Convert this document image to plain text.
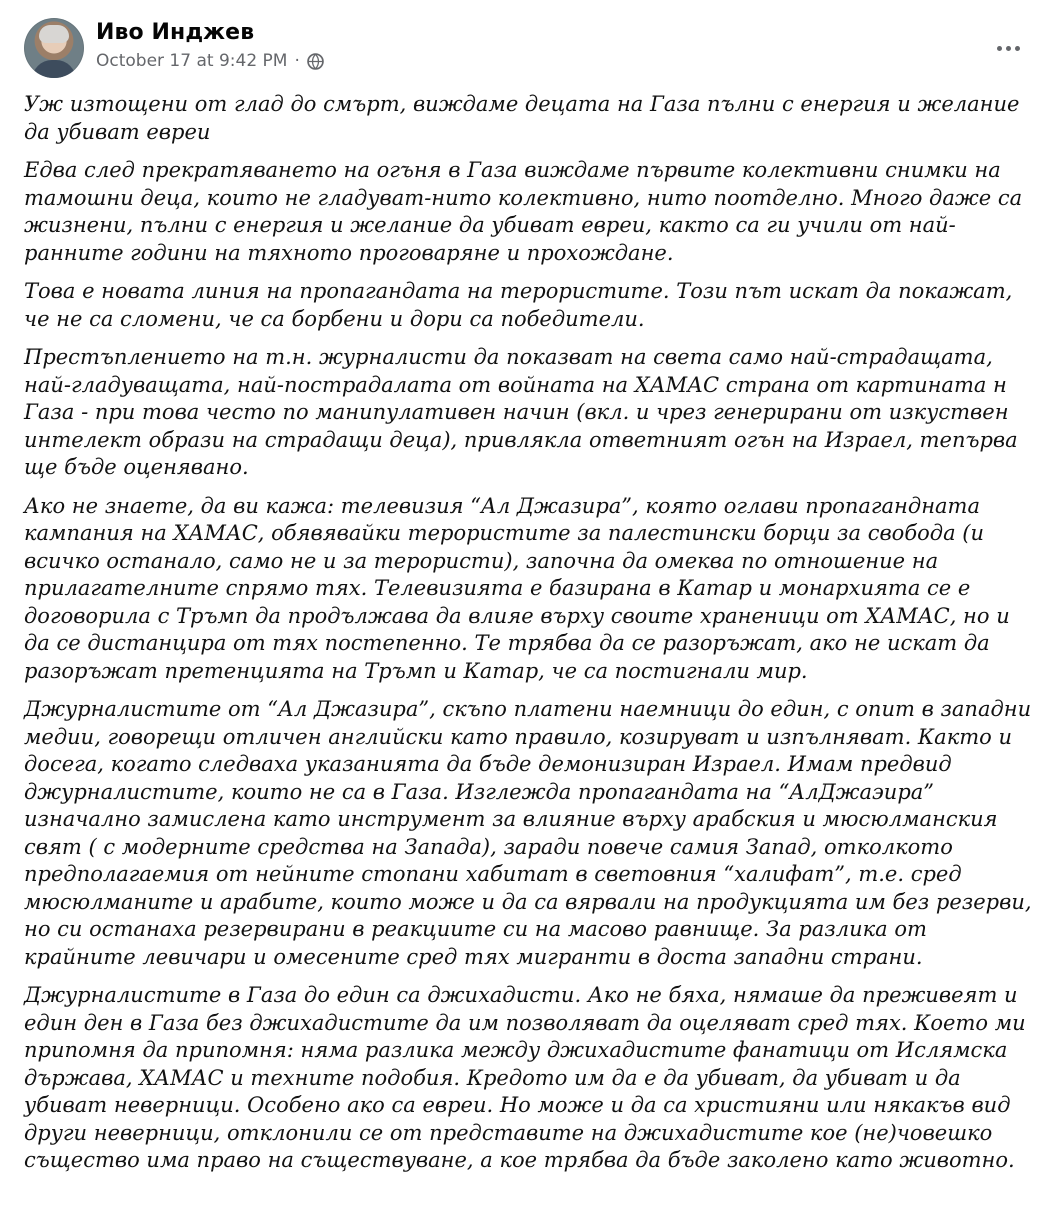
Иво Инджев
October 17 at 9:42 PM ·

Уж изтощени от глад до смърт, виждаме децата на Газа пълни с енергия и желание да убиват евреи

Едва след прекратяването на огъня в Газа виждаме първите колективни снимки на тамошни деца, които не гладуват-нито колективно, нито поотделно. Много даже са жизнени, пълни с енергия и желание да убиват евреи, както са ги учили от най-ранните години на тяхното проговаряне и прохождане.

Това е новата линия на пропагандата на терористите. Този път искат да покажат, че не са сломени, че са борбени и дори са победители.

Престъплението на т.н. журналисти да показват на света само най-страдащата, най-гладуващата, най-пострадалата от войната на ХАМАС страна от картината н Газа - при това често по манипулативен начин (вкл. и чрез генерирани от изкуствен интелект образи на страдащи деца), привлякла ответният огън на Израел, тепърва ще бъде оценявано.

Ако не знаете, да ви кажа: телевизия “Ал Джазира”, която оглави пропагандната кампания на ХАМАС, обявявайки терористите за палестински борци за свобода (и всичко останало, само не и за терористи), започна да омеква по отношение на прилагателните спрямо тях. Телевизията е базирана в Катар и монархията се е договорила с Тръмп да продължава да влияе върху своите храненици от ХАМАС, но и да се дистанцира от тях постепенно. Те трябва да се разоръжат, ако не искат да разоръжат претенцията на Тръмп и Катар, че са постигнали мир.

Джурналистите от “Ал Джазира”, скъпо платени наемници до един, с опит в западни медии, говорещи отличен английски като правило, козируват и изпълняват. Както и досега, когато следваха указанията да бъде демонизиран Израел. Имам предвид джурналистите, които не са в Газа. Изглежда пропагандата на “АлДжаэира” изначално замислена като инструмент за влияние върху арабския и мюсюлманския свят ( с модерните средства на Запада), заради повече самия Запад, отколкото предполагаемия от нейните стопани хабитат в световния “халифат”, т.е. сред мюсюлманите и арабите, които може и да са вярвали на продукцията им без резерви, но си останаха резервирани в реакциите си на масово равнище. За разлика от крайните левичари и омесените сред тях мигранти в доста западни страни.

Джурналистите в Газа до един са джихадисти. Ако не бяха, нямаше да преживеят и един ден в Газа без джихадистите да им позволяват да оцеляват сред тях. Което ми припомня да припомня: няма разлика между джихадистите фанатици от Ислямска държава, ХАМАС и техните подобия. Кредото им да е да убиват, да убиват и да убиват неверници. Особено ако са евреи. Но може и да са християни или някакъв вид други неверници, отклонили се от представите на джихадистите кое (не)човешко същество има право на съществуване, а кое трябва да бъде заколено като животно.
